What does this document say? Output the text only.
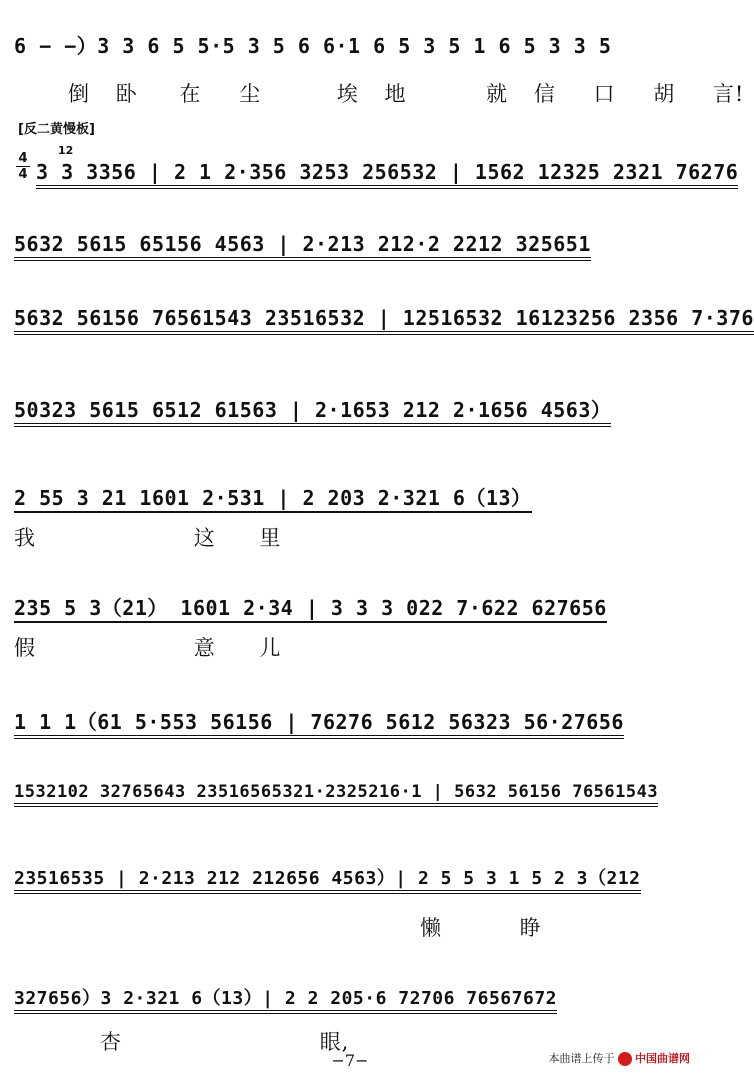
6 − −）3 3 6 5 5·5 3 5 6 6·1 6 5 3 5 1 6 5 3 3 5
倒 卧 在 尘	埃 地	就 信 口 胡 言!
[反二黄慢板]
4
4
12
3 3 3356 | 2 1 2·356 3253 256532 | 1562 12325 2321 76276
5632 5615 65156 4563 | 2·213 212·2 2212 325651
5632 56156 76561543 23516532 | 12516532 16123256 2356 7·376
50323 5615 6512 61563 | 2·1653 212 2·1656 4563）
2 55 3 21 1601 2·531 | 2 203 2·321 6（13）
我	这 里
235 5 3（21） 1601 2·34 | 3 3 3 022 7·622 627656
假	意 儿
1 1 1（61 5·553 56156 | 76276 5612 56323 56·27656
1532102 32765643 23516565321·2325216·1 | 5632 56156 76561543
23516535 | 2·213 212 212656 4563）| 2 5 5 3 1 5 2 3（212
懒	睁
327656）3 2·321 6（13）| 2 2 205·6 72706 76567672
杏	眼,
−7−	本曲谱上传于 中国曲谱网
